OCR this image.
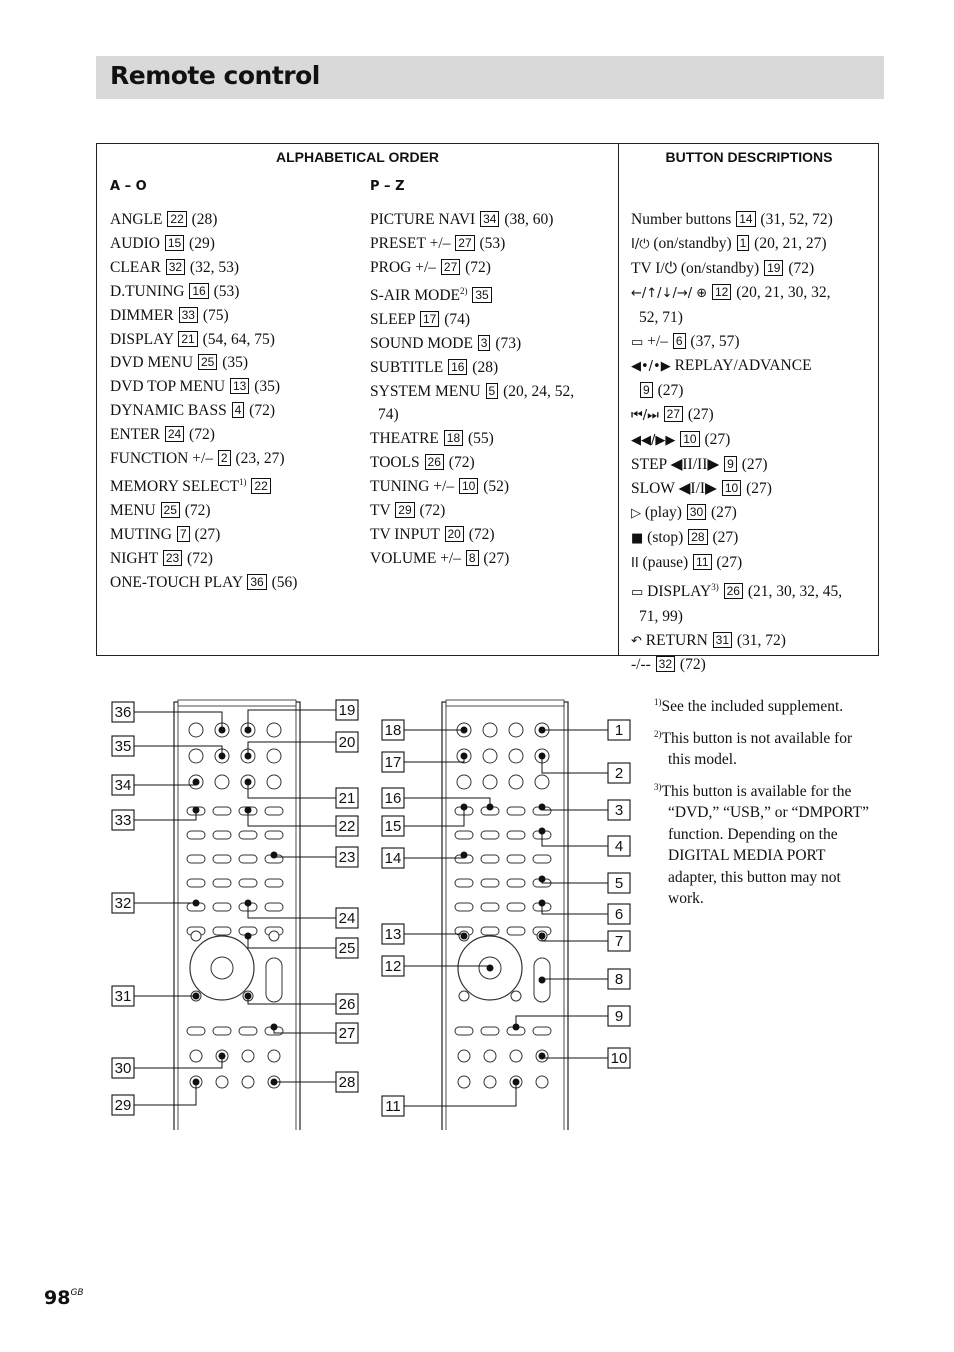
Remote control
ALPHABETICAL ORDER	BUTTON DESCRIPTIONS
A – O	P – Z
ANGLE 22 (28)
AUDIO 15 (29)
CLEAR 32 (32, 53)
D.TUNING 16 (53)
DIMMER 33 (75)
DISPLAY 21 (54, 64, 75)
DVD MENU 25 (35)
DVD TOP MENU 13 (35)
DYNAMIC BASS 4 (72)
ENTER 24 (72)
FUNCTION +/– 2 (23, 27)
MEMORY SELECT$^{1)}$ 22
MENU 25 (72)
MUTING 7 (27)
NIGHT 23 (72)
ONE-TOUCH PLAY 36 (56)
PICTURE NAVI 34 (38, 60)
PRESET +/– 27 (53)
PROG +/– 27 (72)
S-AIR MODE$^{2)}$ 35
SLEEP 17 (74)
SOUND MODE 3 (73)
SUBTITLE 16 (28)
SYSTEM MENU 5 (20, 24, 52,
74)
THEATRE 18 (55)
TOOLS 26 (72)
TUNING +/– 10 (52)
TV 29 (72)
TV INPUT 20 (72)
VOLUME +/– 8 (27)
Number buttons 14 (31, 52, 72)
I/⏻ (on/standby) 1 (20, 21, 27)
TV I/⏻ (on/standby) 19 (72)
←/↑/↓/→/ ⊕ 12 (20, 21, 30, 32,
52, 71)
▭ +/– 6 (37, 57)
◀•/•▶ REPLAY/ADVANCE
9 (27)
⏮/⏭ 27 (27)
◀◀/▶▶ 10 (27)
STEP ◀II/II▶ 9 (27)
SLOW ◀I/I▶ 10 (27)
▷ (play) 30 (27)
■ (stop) 28 (27)
II (pause) 11 (27)
▭ DISPLAY$^{3)}$ 26 (21, 30, 32, 45,
71, 99)
↶ RETURN 31 (31, 72)
-/-- 32 (72)
36
35
34
33
32
31
30
29
19
20
21
22
23
24
25
26
27
28
18
17
16
15
14
13
12
11
1
2
3
4
5
6
7
8
9
10
$^{1)}$See the included supplement.
$^{2)}$This button is not available for this model.
$^{3)}$This button is available for the “DVD,” “USB,” or “DMPORT” function. Depending on the DIGITAL MEDIA PORT adapter, this button may not work.
$98^{GB}$
